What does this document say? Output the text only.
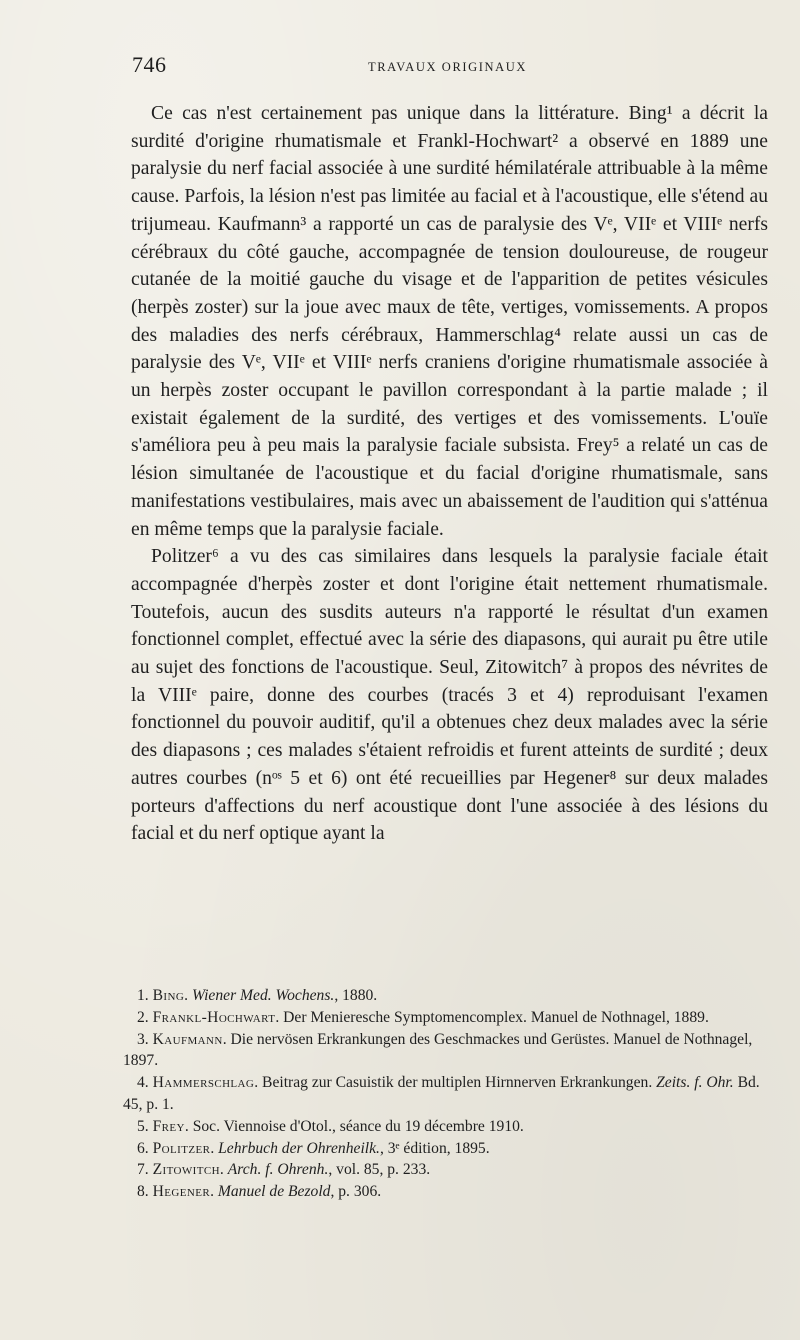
746	TRAVAUX ORIGINAUX

Ce cas n'est certainement pas unique dans la littérature. Bing¹ a décrit la surdité d'origine rhumatismale et Frankl-Hochwart² a observé en 1889 une paralysie du nerf facial associée à une surdité hémilatérale attribuable à la même cause. Parfois, la lésion n'est pas limitée au facial et à l'acoustique, elle s'étend au trijumeau. Kaufmann³ a rapporté un cas de paralysie des Vᵉ, VIIᵉ et VIIIᵉ nerfs cérébraux du côté gauche, accompagnée de tension douloureuse, de rougeur cutanée de la moitié gauche du visage et de l'apparition de petites vésicules (herpès zoster) sur la joue avec maux de tête, vertiges, vomissements. A propos des maladies des nerfs cérébraux, Hammerschlag⁴ relate aussi un cas de paralysie des Vᵉ, VIIᵉ et VIIIᵉ nerfs craniens d'origine rhumatismale associée à un herpès zoster occupant le pavillon correspondant à la partie malade ; il existait également de la surdité, des vertiges et des vomissements. L'ouïe s'améliora peu à peu mais la paralysie faciale subsista. Frey⁵ a relaté un cas de lésion simultanée de l'acoustique et du facial d'origine rhumatismale, sans manifestations vestibulaires, mais avec un abaissement de l'audition qui s'atténua en même temps que la paralysie faciale.

Politzer⁶ a vu des cas similaires dans lesquels la paralysie faciale était accompagnée d'herpès zoster et dont l'origine était nettement rhumatismale. Toutefois, aucun des susdits auteurs n'a rapporté le résultat d'un examen fonctionnel complet, effectué avec la série des diapasons, qui aurait pu être utile au sujet des fonctions de l'acoustique. Seul, Zitowitch⁷ à propos des névrites de la VIIIᵉ paire, donne des courbes (tracés 3 et 4) reproduisant l'examen fonctionnel du pouvoir auditif, qu'il a obtenues chez deux malades avec la série des diapasons ; ces malades s'étaient refroidis et furent atteints de surdité ; deux autres courbes (nᵒˢ 5 et 6) ont été recueillies par Hegener⁸ sur deux malades porteurs d'affections du nerf acoustique dont l'une associée à des lésions du facial et du nerf optique ayant la

1. Bing. Wiener Med. Wochens., 1880.

2. Frankl-Hochwart. Der Menieresche Symptomencomplex. Manuel de Nothnagel, 1889.

3. Kaufmann. Die nervösen Erkrankungen des Geschmackes und Gerüstes. Manuel de Nothnagel, 1897.

4. Hammerschlag. Beitrag zur Casuistik der multiplen Hirnnerven Erkrankungen. Zeits. f. Ohr. Bd. 45, p. 1.

5. Frey. Soc. Viennoise d'Otol., séance du 19 décembre 1910.

6. Politzer. Lehrbuch der Ohrenheilk., 3ᵉ édition, 1895.

7. Zitowitch. Arch. f. Ohrenh., vol. 85, p. 233.

8. Hegener. Manuel de Bezold, p. 306.
